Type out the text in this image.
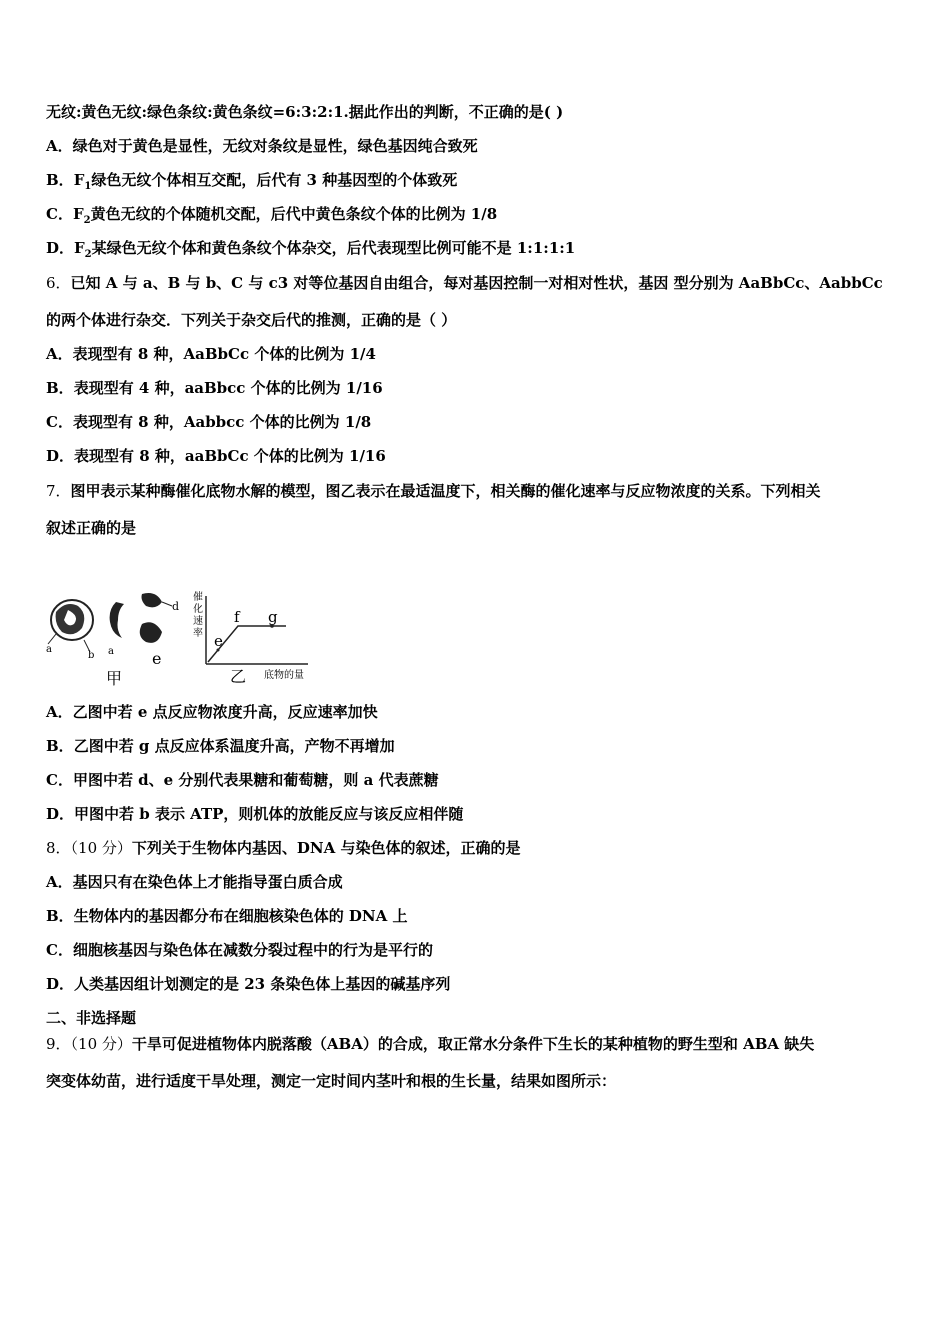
无纹:黄色无纹:绿色条纹:黄色条纹=6:3:2:1.据此作出的判断，不正确的是( )
A．绿色对于黄色是显性，无纹对条纹是显性，绿色基因纯合致死
B．$F_1$绿色无纹个体相互交配，后代有 3 种基因型的个体致死
C．$F_2$黄色无纹的个体随机交配，后代中黄色条纹个体的比例为 1/8
D．$F_2$某绿色无纹个体和黄色条纹个体杂交，后代表现型比例可能不是 1:1:1:1
6．已知 A 与 a、B 与 b、C 与 c3 对等位基因自由组合，每对基因控制一对相对性状，基因 型分别为 AaBbCc、AabbCc
的两个体进行杂交．下列关于杂交后代的推测，正确的是（ ）
A．表现型有 8 种，AaBbCc 个体的比例为 1/4
B．表现型有 4 种，aaBbcc 个体的比例为 1/16
C．表现型有 8 种，Aabbcc 个体的比例为 1/8
D．表现型有 8 种，aaBbCc 个体的比例为 1/16
7．图甲表示某种酶催化底物水解的模型，图乙表示在最适温度下，相关酶的催化速率与反应物浓度的关系。下列相关
叙述正确的是
a
b a
d
e
甲
催
化
速
率 e
f g
乙 底物的量
A．乙图中若 e 点反应物浓度升高，反应速率加快
B．乙图中若 g 点反应体系温度升高，产物不再增加
C．甲图中若 d、e 分别代表果糖和葡萄糖，则 a 代表蔗糖
D．甲图中若 b 表示 ATP，则机体的放能反应与该反应相伴随
8．（10 分）下列关于生物体内基因、DNA 与染色体的叙述，正确的是
A．基因只有在染色体上才能指导蛋白质合成
B．生物体内的基因都分布在细胞核染色体的 DNA 上
C．细胞核基因与染色体在减数分裂过程中的行为是平行的
D．人类基因组计划测定的是 23 条染色体上基因的碱基序列
二、非选择题
9．（10 分）干旱可促进植物体内脱落酸（ABA）的合成，取正常水分条件下生长的某种植物的野生型和 ABA 缺失
突变体幼苗，进行适度干旱处理，测定一定时间内茎叶和根的生长量，结果如图所示：
